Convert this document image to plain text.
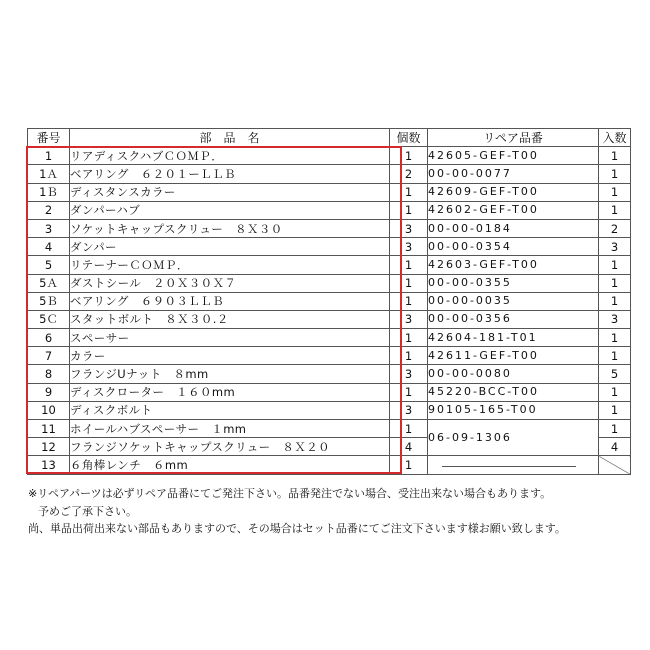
番号	部　品　名	個数	リペア品番	入数
1	リアディスクハブＣＯＭＰ．	1	42605-GEF-T00	1
1Ａ	ベアリング　６２０１ーＬＬＢ	2	00-00-0077	1
1Ｂ	ディスタンスカラー	1	42609-GEF-T00	1
2	ダンパーハブ	1	42602-GEF-T00	1
3	ソケットキャップスクリュー　８Ｘ３０	3	00-00-0184	2
4	ダンパー	3	00-00-0354	3
5	リテーナーＣＯＭＰ．	1	42603-GEF-T00	1
5Ａ	ダストシール　２０Ｘ３０Ｘ７	1	00-00-0355	1
5Ｂ	ベアリング　６９０３ＬＬＢ	1	00-00-0035	1
5Ｃ	スタットボルト　８Ｘ３０.２	3	00-00-0356	3
6	スペーサー	1	42604-181-T01	1
7	カラー	1	42611-GEF-T00	1
8	フランジUナット　８mm	3	00-00-0080	5
9	ディスクローター　１６０mm	1	45220-BCC-T00	1
10	ディスクボルト	3	90105-165-T00	1
11	ホイールハブスペーサー　１mm	1	06-09-1306	1
12	フランジソケットキャップスクリュー　８Ｘ２０	4		4
13	６角棒レンチ　６mm	1	

※リペアパーツは必ずリペア品番にてご発注下さい。品番発注でない場合、受注出来ない場合もあります。
予めご了承下さい。
尚、単品出荷出来ない部品もありますので、その場合はセット品番にてご注文下さいます様お願い致します。
